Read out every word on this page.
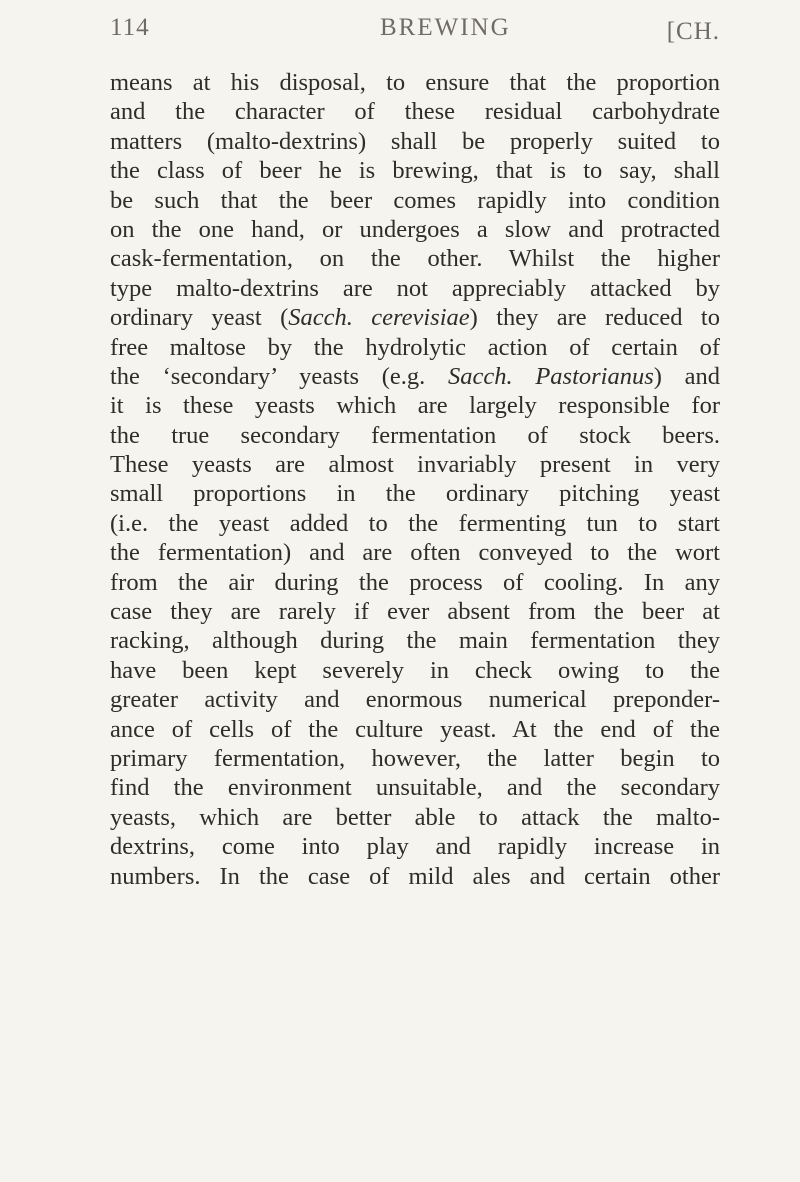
114	BREWING	[CH.
means at his disposal, to ensure that the proportion
and the character of these residual carbohydrate
matters (malto-dextrins) shall be properly suited to
the class of beer he is brewing, that is to say, shall
be such that the beer comes rapidly into condition
on the one hand, or undergoes a slow and protracted
cask-fermentation, on the other. Whilst the higher
type malto-dextrins are not appreciably attacked by
ordinary yeast (Sacch. cerevisiae) they are reduced to
free maltose by the hydrolytic action of certain of
the ‘secondary’ yeasts (e.g. Sacch. Pastorianus) and
it is these yeasts which are largely responsible for
the true secondary fermentation of stock beers.
These yeasts are almost invariably present in very
small proportions in the ordinary pitching yeast
(i.e. the yeast added to the fermenting tun to start
the fermentation) and are often conveyed to the wort
from the air during the process of cooling. In any
case they are rarely if ever absent from the beer at
racking, although during the main fermentation they
have been kept severely in check owing to the
greater activity and enormous numerical preponder-
ance of cells of the culture yeast. At the end of the
primary fermentation, however, the latter begin to
find the environment unsuitable, and the secondary
yeasts, which are better able to attack the malto-
dextrins, come into play and rapidly increase in
numbers. In the case of mild ales and certain other
